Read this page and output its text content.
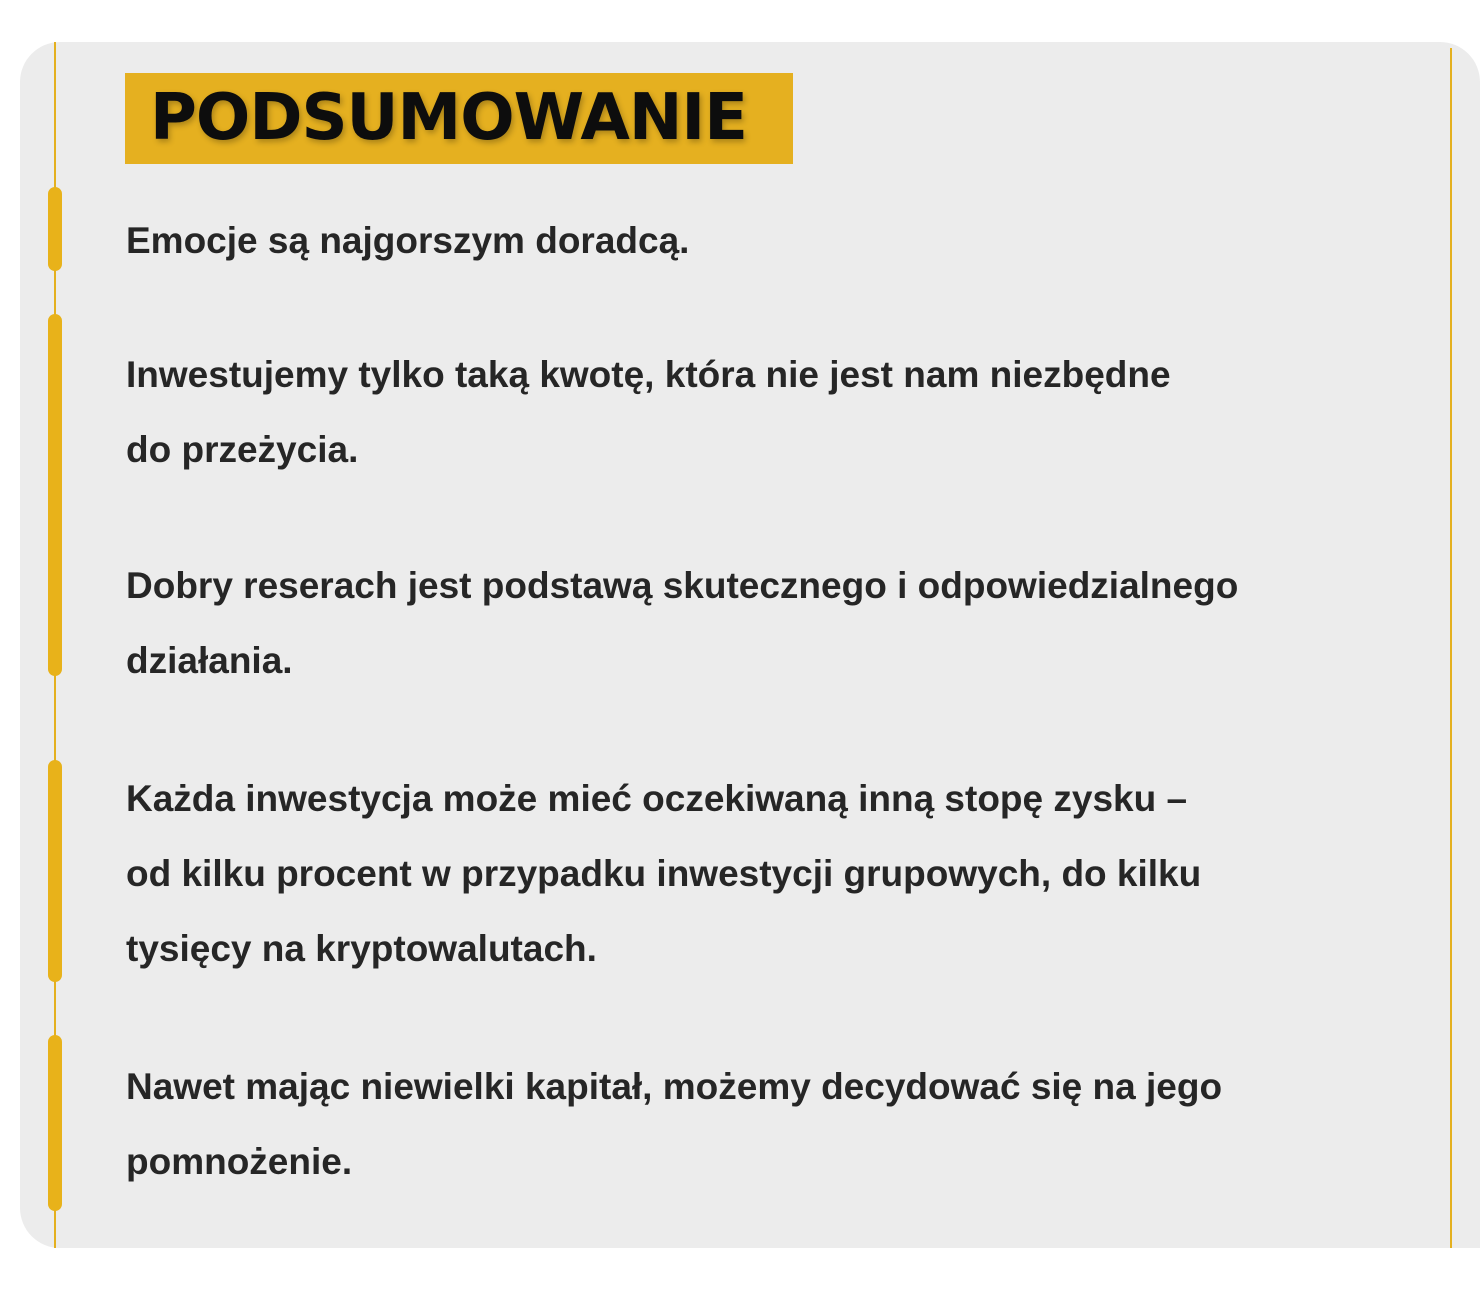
PODSUMOWANIE
Emocje są najgorszym doradcą.
Inwestujemy tylko taką kwotę, która nie jest nam niezbędne
do przeżycia.
Dobry reserach jest podstawą skutecznego i odpowiedzialnego
działania.
Każda inwestycja może mieć oczekiwaną inną stopę zysku –
od kilku procent w przypadku inwestycji grupowych, do kilku
tysięcy na kryptowalutach.
Nawet mając niewielki kapitał, możemy decydować się na jego
pomnożenie.
